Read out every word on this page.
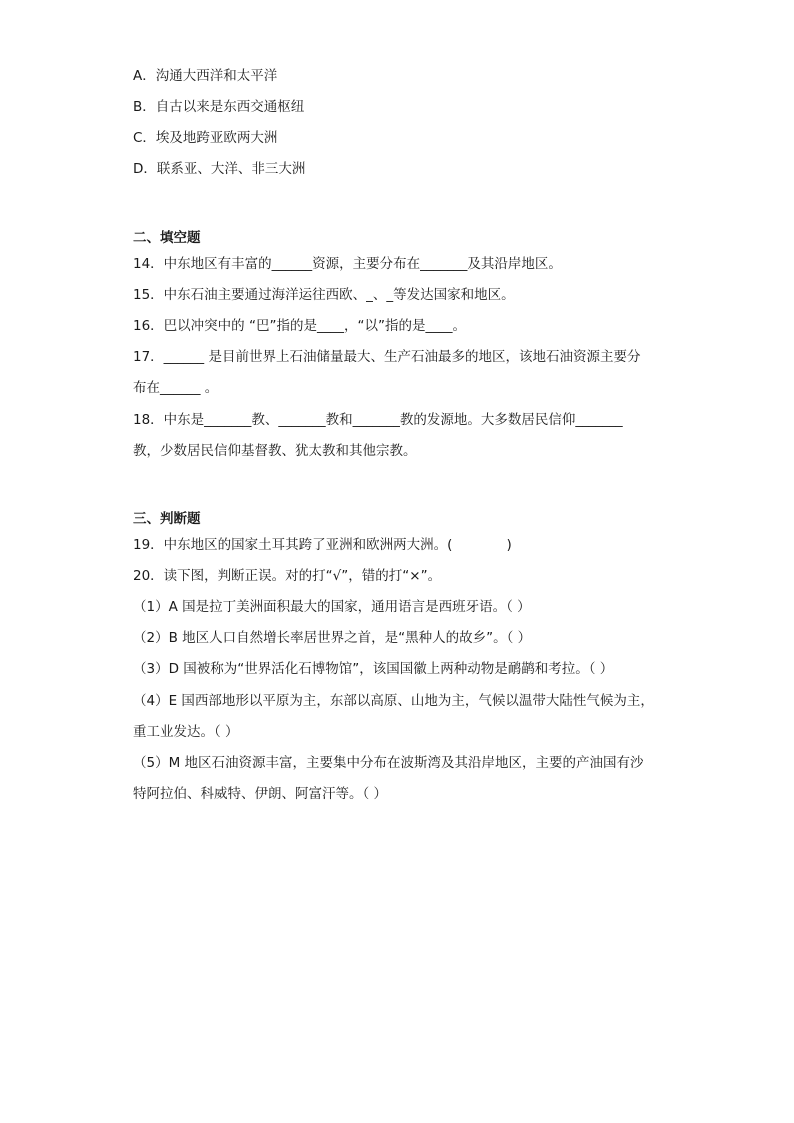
A．沟通大西洋和太平洋
B．自古以来是东西交通枢纽
C．埃及地跨亚欧两大洲
D．联系亚、大洋、非三大洲
二、填空题
14．中东地区有丰富的______资源，主要分布在_______及其沿岸地区。
15．中东石油主要通过海洋运往西欧、_、_等发达国家和地区。
16．巴以冲突中的 “巴”指的是____，“以”指的是____。
17．______ 是目前世界上石油储量最大、生产石油最多的地区，该地石油资源主要分
布在______ 。
18．中东是_______教、_______教和_______教的发源地。大多数居民信仰_______
教，少数居民信仰基督教、犹太教和其他宗教。
三、判断题
19．中东地区的国家土耳其跨了亚洲和欧洲两大洲。(　　　　)
20．读下图，判断正误。对的打“√”，错的打“×”。
（1）A 国是拉丁美洲面积最大的国家，通用语言是西班牙语。（ ）
（2）B 地区人口自然增长率居世界之首，是“黑种人的故乡”。（ ）
（3）D 国被称为“世界活化石博物馆”，该国国徽上两种动物是鸸鹋和考拉。（ ）
（4）E 国西部地形以平原为主，东部以高原、山地为主，气候以温带大陆性气候为主，
重工业发达。（ ）
（5）M 地区石油资源丰富，主要集中分布在波斯湾及其沿岸地区，主要的产油国有沙
特阿拉伯、科威特、伊朗、阿富汗等。（ ）
